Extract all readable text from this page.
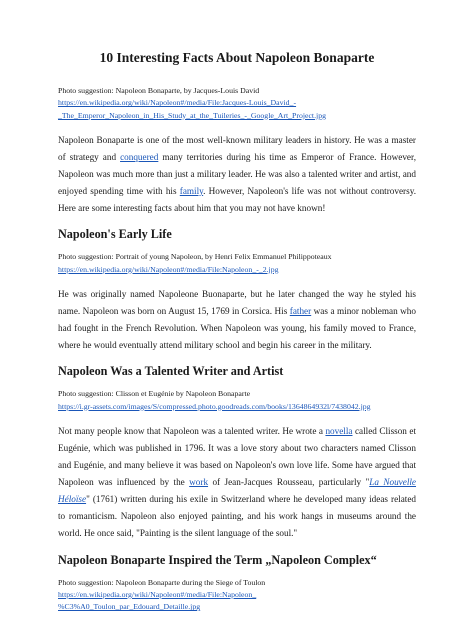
10 Interesting Facts About Napoleon Bonaparte
Photo suggestion: Napoleon Bonaparte, by Jacques-Louis David
https://en.wikipedia.org/wiki/Napoleon#/media/File:Jacques-Louis_David_-
_The_Emperor_Napoleon_in_His_Study_at_the_Tuileries_-_Google_Art_Project.jpg

Napoleon Bonaparte is one of the most well-known military leaders in history. He was a master of strategy and conquered many territories during his time as Emperor of France. However, Napoleon was much more than just a military leader. He was also a talented writer and artist, and enjoyed spending time with his family. However, Napoleon's life was not without controversy. Here are some interesting facts about him that you may not have known!

Napoleon's Early Life
Photo suggestion: Portrait of young Napoleon, by Henri Felix Emmanuel Philippoteaux
https://en.wikipedia.org/wiki/Napoleon#/media/File:Napoleon_-_2.jpg

He was originally named Napoleone Buonaparte, but he later changed the way he styled his name. Napoleon was born on August 15, 1769 in Corsica. His father was a minor nobleman who had fought in the French Revolution. When Napoleon was young, his family moved to France, where he would eventually attend military school and begin his career in the military.

Napoleon Was a Talented Writer and Artist
Photo suggestion: Clisson et Eugénie by Napoleon Bonaparte
https://i.gr-assets.com/images/S/compressed.photo.goodreads.com/books/1364864932l/7438042.jpg

Not many people know that Napoleon was a talented writer. He wrote a novella called Clisson et Eugénie, which was published in 1796. It was a love story about two characters named Clisson and Eugénie, and many believe it was based on Napoleon's own love life. Some have argued that Napoleon was influenced by the work of Jean-Jacques Rousseau, particularly "La Nouvelle Héloïse" (1761) written during his exile in Switzerland where he developed many ideas related to romanticism. Napoleon also enjoyed painting, and his work hangs in museums around the world. He once said, "Painting is the silent language of the soul."

Napoleon Bonaparte Inspired the Term „Napoleon Complex“
Photo suggestion: Napoleon Bonaparte during the Siege of Toulon
https://en.wikipedia.org/wiki/Napoleon#/media/File:Napoleon_
%C3%A0_Toulon_par_Edouard_Detaille.jpg
